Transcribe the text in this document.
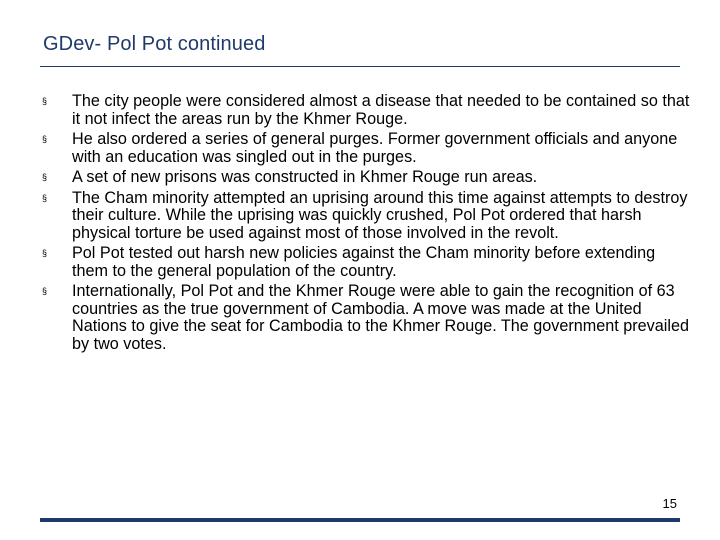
GDev- Pol Pot continued
§	The city people were considered almost a disease that needed to be contained so that it not infect the areas run by the Khmer Rouge.
§	He also ordered a series of general purges. Former government officials and anyone with an education was singled out in the purges.
§	A set of new prisons was constructed in Khmer Rouge run areas.
§	The Cham minority attempted an uprising around this time against attempts to destroy their culture. While the uprising was quickly crushed, Pol Pot ordered that harsh physical torture be used against most of those involved in the revolt.
§	Pol Pot tested out harsh new policies against the Cham minority before extending them to the general population of the country.
§	Internationally, Pol Pot and the Khmer Rouge were able to gain the recognition of 63 countries as the true government of Cambodia. A move was made at the United Nations to give the seat for Cambodia to the Khmer Rouge. The government prevailed by two votes.
15
